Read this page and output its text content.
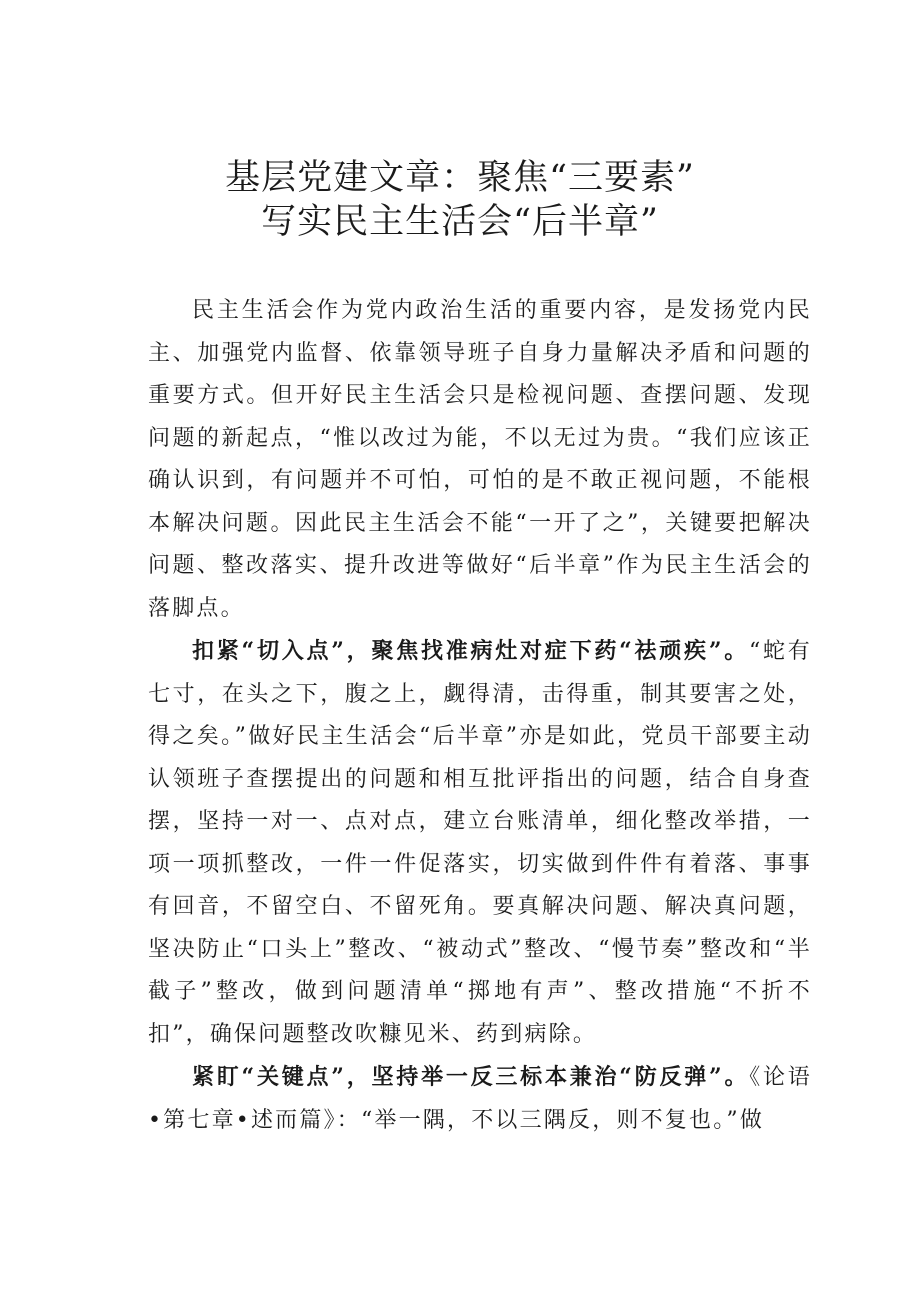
基层党建文章：聚焦“三要素”
写实民主生活会“后半章”

民主生活会作为党内政治生活的重要内容，是发扬党内民主、加强党内监督、依靠领导班子自身力量解决矛盾和问题的重要方式。但开好民主生活会只是检视问题、查摆问题、发现问题的新起点，“惟以改过为能，不以无过为贵。“我们应该正确认识到，有问题并不可怕，可怕的是不敢正视问题，不能根本解决问题。因此民主生活会不能“一开了之”，关键要把解决问题、整改落实、提升改进等做好“后半章”作为民主生活会的落脚点。

扣紧“切入点”，聚焦找准病灶对症下药“祛顽疾”。“蛇有七寸，在头之下，腹之上，觑得清，击得重，制其要害之处，得之矣。”做好民主生活会“后半章”亦是如此，党员干部要主动认领班子查摆提出的问题和相互批评指出的问题，结合自身查摆，坚持一对一、点对点，建立台账清单，细化整改举措，一项一项抓整改，一件一件促落实，切实做到件件有着落、事事有回音，不留空白、不留死角。要真解决问题、解决真问题，坚决防止“口头上”整改、“被动式”整改、“慢节奏”整改和“半截子”整改，做到问题清单“掷地有声”、整改措施“不折不扣”，确保问题整改吹糠见米、药到病除。

紧盯“关键点”，坚持举一反三标本兼治“防反弹”。《论语•第七章•述而篇》：“举一隅，不以三隅反，则不复也。”做
